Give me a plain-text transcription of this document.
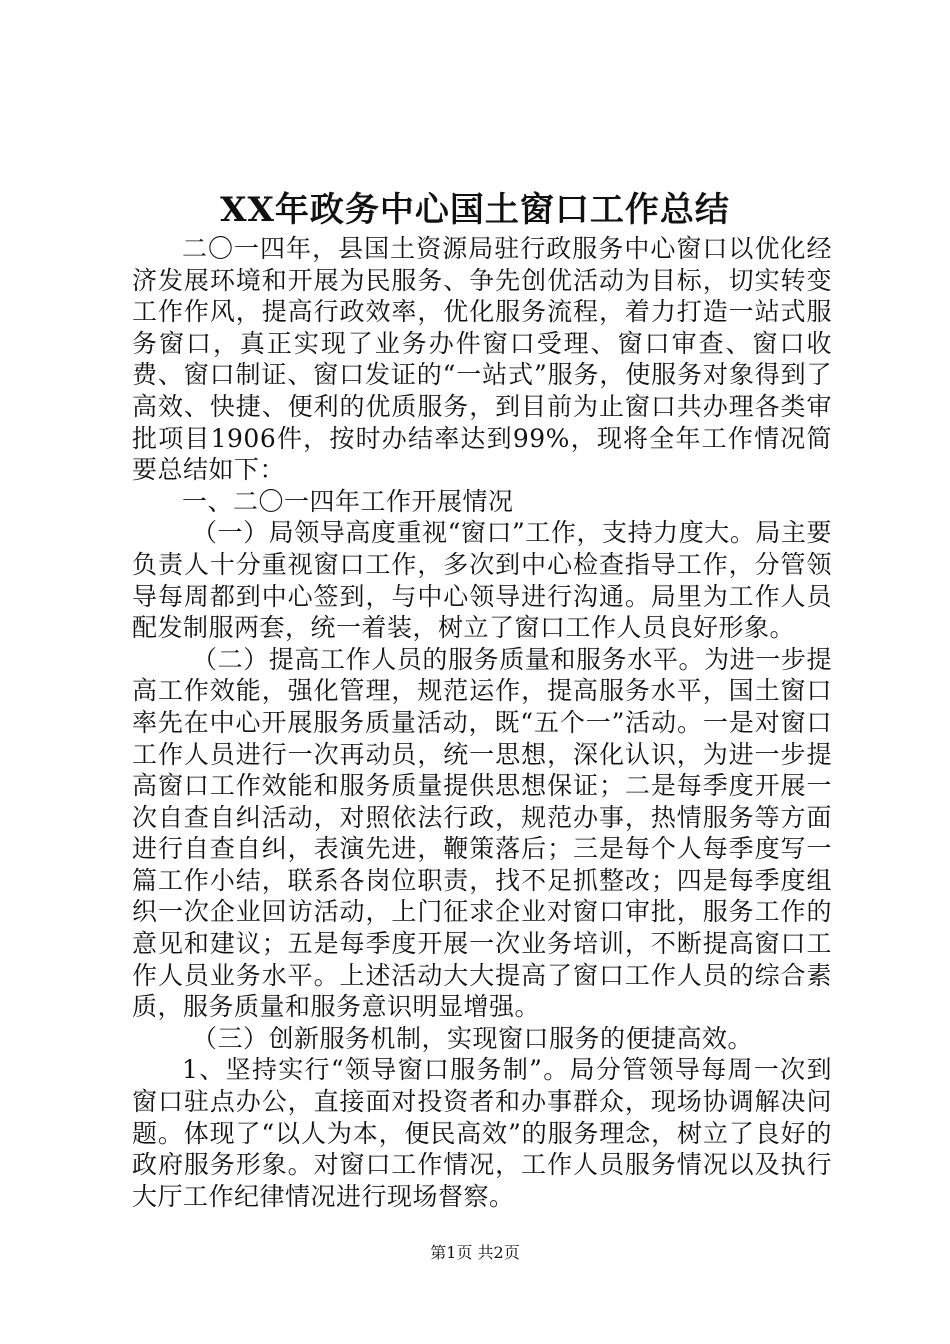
XX年政务中心国土窗口工作总结

二〇一四年，县国土资源局驻行政服务中心窗口以优化经济发展环境和开展为民服务、争先创优活动为目标，切实转变工作作风，提高行政效率，优化服务流程，着力打造一站式服务窗口，真正实现了业务办件窗口受理、窗口审查、窗口收费、窗口制证、窗口发证的“一站式”服务，使服务对象得到了高效、快捷、便利的优质服务，到目前为止窗口共办理各类审批项目1906件，按时办结率达到99%，现将全年工作情况简要总结如下：

一、二〇一四年工作开展情况

（一）局领导高度重视“窗口”工作，支持力度大。局主要负责人十分重视窗口工作，多次到中心检查指导工作，分管领导每周都到中心签到，与中心领导进行沟通。局里为工作人员配发制服两套，统一着装，树立了窗口工作人员良好形象。

（二）提高工作人员的服务质量和服务水平。为进一步提高工作效能，强化管理，规范运作，提高服务水平，国土窗口率先在中心开展服务质量活动，既“五个一”活动。一是对窗口工作人员进行一次再动员，统一思想，深化认识，为进一步提高窗口工作效能和服务质量提供思想保证；二是每季度开展一次自查自纠活动，对照依法行政，规范办事，热情服务等方面进行自查自纠，表演先进，鞭策落后；三是每个人每季度写一篇工作小结，联系各岗位职责，找不足抓整改；四是每季度组织一次企业回访活动，上门征求企业对窗口审批，服务工作的意见和建议；五是每季度开展一次业务培训，不断提高窗口工作人员业务水平。上述活动大大提高了窗口工作人员的综合素质，服务质量和服务意识明显增强。

（三）创新服务机制，实现窗口服务的便捷高效。

1、坚持实行“领导窗口服务制”。局分管领导每周一次到窗口驻点办公，直接面对投资者和办事群众，现场协调解决问题。体现了“以人为本，便民高效”的服务理念，树立了良好的政府服务形象。对窗口工作情况，工作人员服务情况以及执行大厅工作纪律情况进行现场督察。

第1页 共2页
